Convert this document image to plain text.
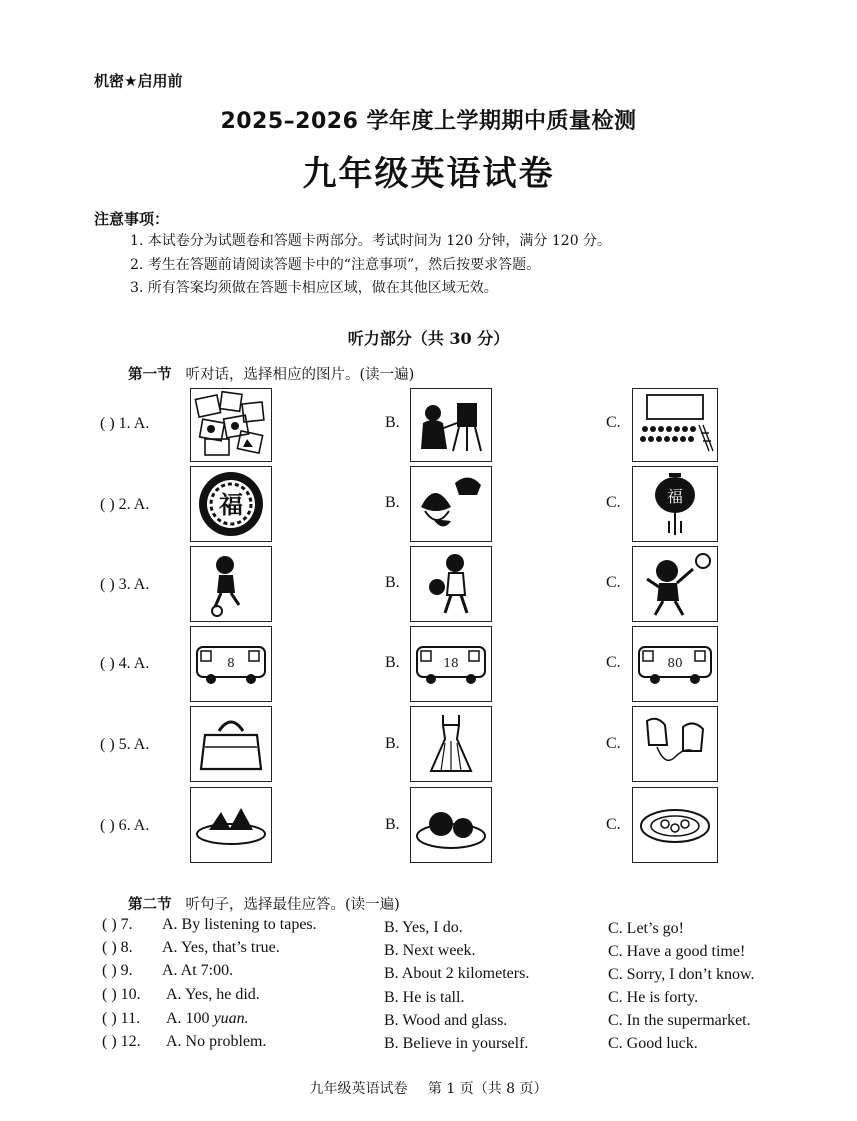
机密★启用前
2025–2026 学年度上学期期中质量检测
九年级英语试卷
注意事项：
1. 本试卷分为试题卷和答题卡两部分。考试时间为 120 分钟，满分 120 分。
2. 考生在答题前请阅读答题卡中的“注意事项”，然后按要求答题。
3. 所有答案均须做在答题卡相应区域，做在其他区域无效。
听力部分（共 30 分）
第一节 听对话，选择相应的图片。(读一遍)
( ) 1. A.	B.	C.
( ) 2. A.	福	B.	C.	福
( ) 3. A.	B.	C.
( ) 4. A.	8	B.	18	C.	80
( ) 5. A.	B.	C.
( ) 6. A.	B.	C.
第二节 听句子，选择最佳应答。(读一遍)
( ) 7. A. By listening to tapes.	B. Yes, I do.	C. Let’s go!
( ) 8. A. Yes, that’s true.	B. Next week.	C. Have a good time!
( ) 9. A. At 7:00.	B. About 2 kilometers.	C. Sorry, I don’t know.
( ) 10. A. Yes, he did.	B. He is tall.	C. He is forty.
( ) 11. A. 100 yuan.	B. Wood and glass.	C. In the supermarket.
( ) 12. A. No problem.	B. Believe in yourself.	C. Good luck.
九年级英语试卷 第 1 页（共 8 页）
